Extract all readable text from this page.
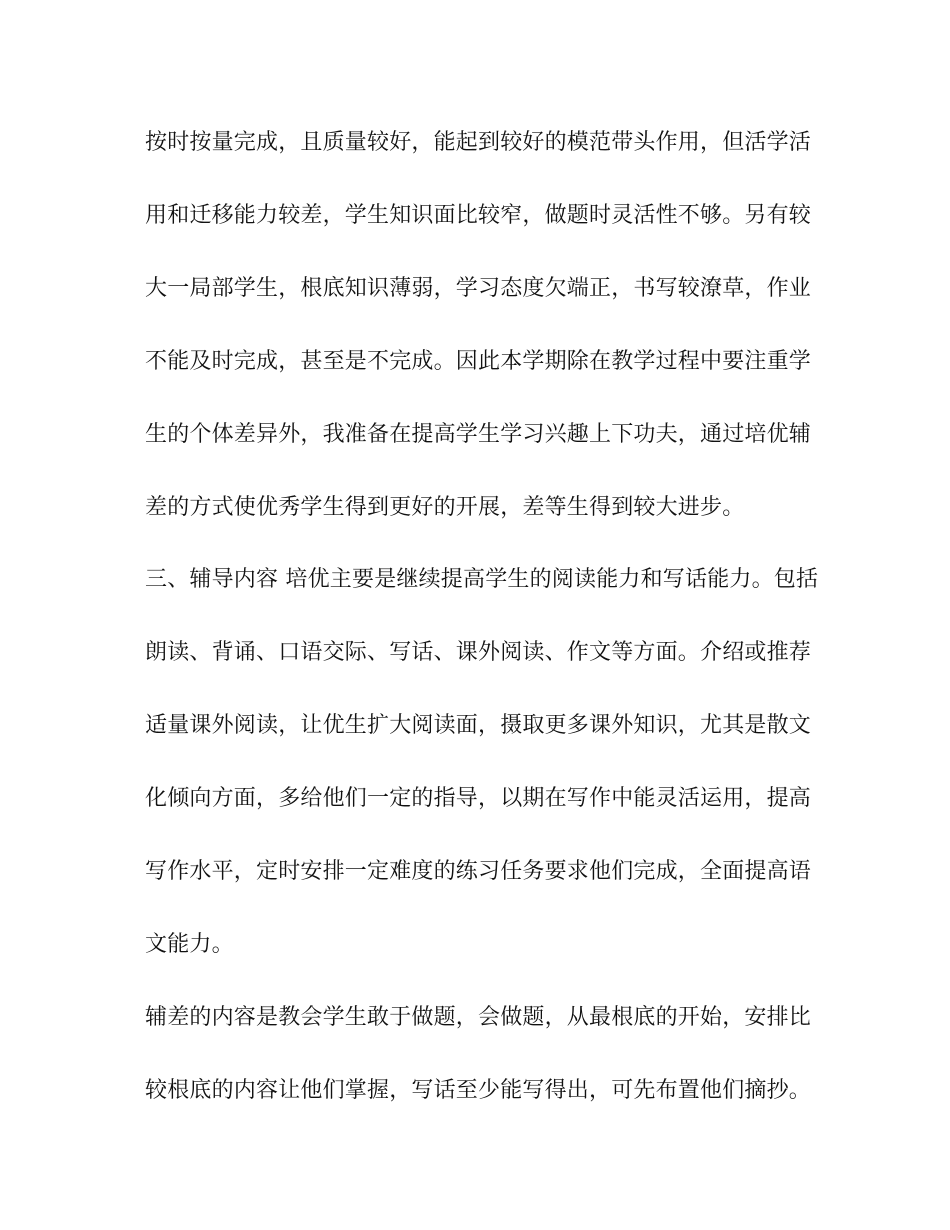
按时按量完成，且质量较好，能起到较好的模范带头作用，但活学活
用和迁移能力较差，学生知识面比较窄，做题时灵活性不够。另有较
大一局部学生，根底知识薄弱，学习态度欠端正，书写较潦草，作业
不能及时完成，甚至是不完成。因此本学期除在教学过程中要注重学
生的个体差异外，我准备在提高学生学习兴趣上下功夫，通过培优辅
差的方式使优秀学生得到更好的开展，差等生得到较大进步。
三、辅导内容 培优主要是继续提高学生的阅读能力和写话能力。包括
朗读、背诵、口语交际、写话、课外阅读、作文等方面。介绍或推荐
适量课外阅读，让优生扩大阅读面，摄取更多课外知识，尤其是散文
化倾向方面，多给他们一定的指导，以期在写作中能灵活运用，提高
写作水平，定时安排一定难度的练习任务要求他们完成，全面提高语
文能力。
辅差的内容是教会学生敢于做题，会做题，从最根底的开始，安排比
较根底的内容让他们掌握，写话至少能写得出，可先布置他们摘抄。
